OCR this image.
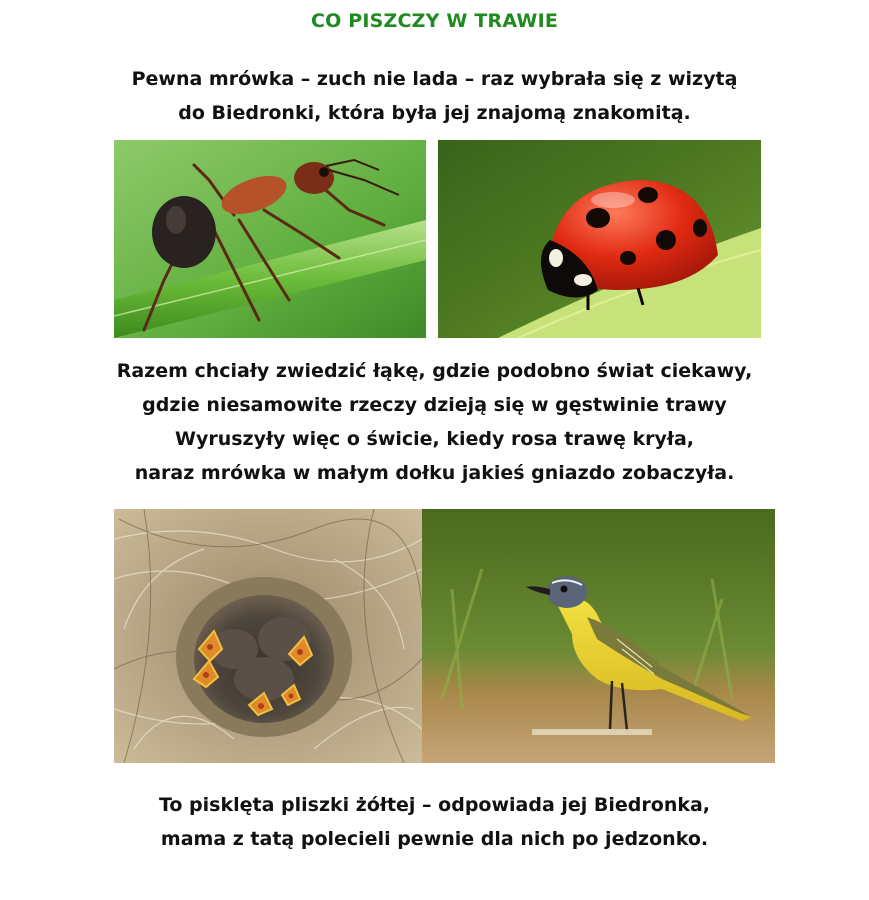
CO PISZCZY W TRAWIE
Pewna mrówka – zuch nie lada – raz wybrała się z wizytą
do Biedronki, która była jej znajomą znakomitą.
Razem chciały zwiedzić łąkę, gdzie podobno świat ciekawy,
gdzie niesamowite rzeczy dzieją się w gęstwinie trawy
Wyruszyły więc o świcie, kiedy rosa trawę kryła,
naraz mrówka w małym dołku jakieś gniazdo zobaczyła.
To pisklęta pliszki żółtej – odpowiada jej Biedronka,
mama z tatą polecieli pewnie dla nich po jedzonko.
